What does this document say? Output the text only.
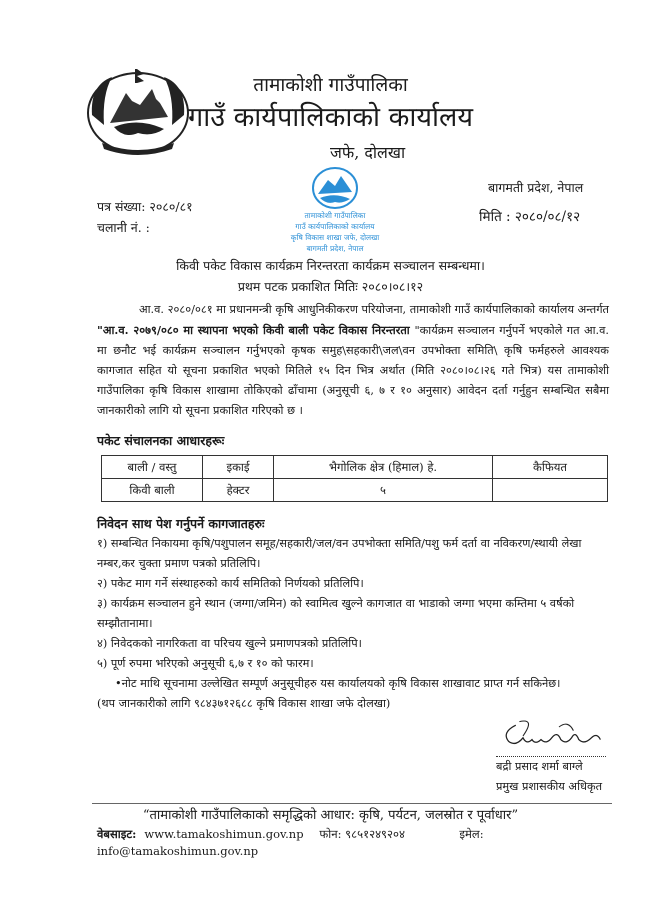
तामाकोशी गाउँपालिका
गाउँ कार्यपालिकाको कार्यालय
जफे, दोलखा
तामाकोशी गाउँपालिका
गाउँ कार्यपालिकाको कार्यालय
कृषि विकास शाखा जफे, दोलखा
बागमती प्रदेश, नेपाल
बागमती प्रदेश, नेपाल
पत्र संख्या: २०८०/८१
चलानी नं. :
मिति : २०८०/०८/१२
किवी पकेट विकास कार्यक्रम निरन्तरता कार्यक्रम सञ्चालन सम्बन्धमा।
प्रथम पटक प्रकाशित मितिः २०८०।०८।१२
आ.व. २०८०/०८१ मा प्रधानमन्त्री कृषि आधुनिकीकरण परियोजना, तामाकोशी गाउँ कार्यपालिकाको कार्यालय अन्तर्गत "आ.व. २०७९/०८० मा स्थापना भएको किवी बाली पकेट विकास निरन्तरता "कार्यक्रम सञ्चालन गर्नुपर्ने भएकोले गत आ.व. मा छनौट भई कार्यक्रम सञ्चालन गर्नुभएको कृषक समुह\सहकारी\जल\वन उपभोक्ता समिति\ कृषि फर्महरुले आवश्यक कागजात सहित यो सूचना प्रकाशित भएको मितिले १५ दिन भित्र अर्थात (मिति २०८०।०८।२६ गते भित्र) यस तामाकोशी गाउँपालिका कृषि विकास शाखामा तोकिएको ढाँचामा (अनुसूची ६, ७ र १० अनुसार) आवेदन दर्ता गर्नुहुन सम्बन्धित सबैमा जानकारीको लागि यो सूचना प्रकाशित गरिएको छ ।
पकेट संचालनका आधारहरूः
बाली / वस्तु	इकाई	भैगोलिक क्षेत्र (हिमाल) हे.	कैफियत
किवी बाली	हेक्टर	५	
निवेदन साथ पेश गर्नुपर्ने कागजातहरुः
१) सम्बन्धित निकायमा कृषि/पशुपालन समूह/सहकारी/जल/वन उपभोक्ता समिति/पशु फर्म दर्ता वा नविकरण/स्थायी लेखा नम्बर,कर चुक्ता प्रमाण पत्रको प्रतिलिपि।
२) पकेट माग गर्ने संस्थाहरुको कार्य समितिको निर्णयको प्रतिलिपि।
३) कार्यक्रम सञ्चालन हुने स्थान (जग्गा/जमिन) को स्वामित्व खुल्ने कागजात वा भाडाको जग्गा भएमा कम्तिमा ५ वर्षको सम्झौतानामा।
४) निवेदकको नागरिकता वा परिचय खुल्ने प्रमाणपत्रको प्रतिलिपि।
५) पूर्ण रुपमा भरिएको अनुसूची ६,७ र १० को फारम।
•नोट माथि सूचनामा उल्लेखित सम्पूर्ण अनुसूचीहरु यस कार्यालयको कृषि विकास शाखावाट प्राप्त गर्न सकिनेछ।
(थप जानकारीको लागि ९८४३७१२६८८ कृषि विकास शाखा जफे दोलखा)
बद्री प्रसाद शर्मा बाग्ले
प्रमुख प्रशासकीय अधिकृत
“तामाकोशी गाउँपालिकाको समृद्धिको आधार: कृषि, पर्यटन, जलस्रोत र पूर्वाधार”
वेबसाइट: www.tamakoshimun.gov.np फोन: ९८५१२४९२०४	इमेल:
info@tamakoshimun.gov.np
